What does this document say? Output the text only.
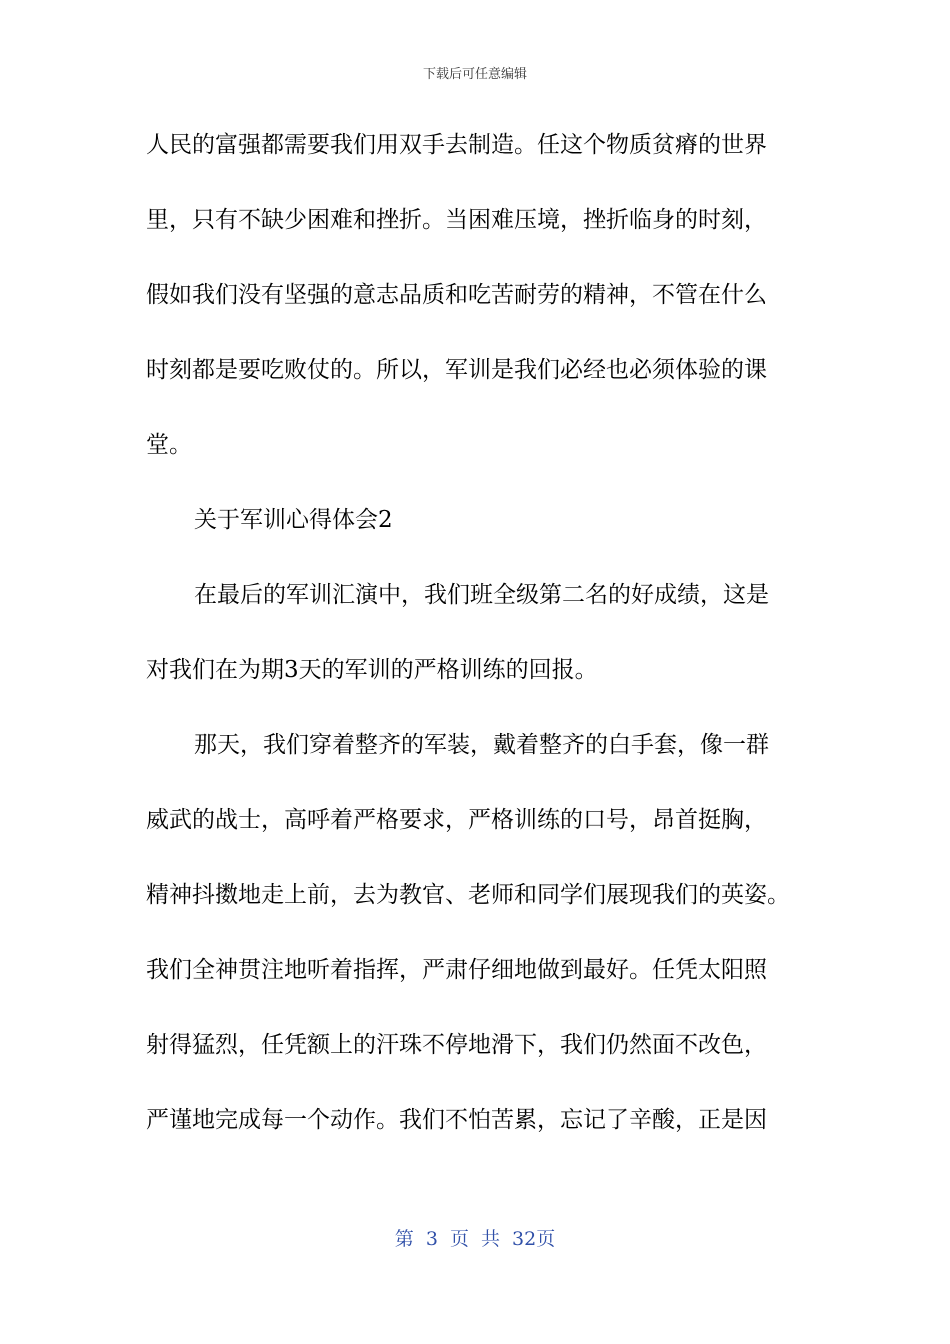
下载后可任意编辑
人民的富强都需要我们用双手去制造。任这个物质贫瘠的世界
里，只有不缺少困难和挫折。当困难压境，挫折临身的时刻，
假如我们没有坚强的意志品质和吃苦耐劳的精神，不管在什么
时刻都是要吃败仗的。所以，军训是我们必经也必须体验的课
堂。
关于军训心得体会2
在最后的军训汇演中，我们班全级第二名的好成绩，这是
对我们在为期3天的军训的严格训练的回报。
那天，我们穿着整齐的军装，戴着整齐的白手套，像一群
威武的战士，高呼着严格要求，严格训练的口号，昂首挺胸，
精神抖擞地走上前，去为教官、老师和同学们展现我们的英姿。
我们全神贯注地听着指挥，严肃仔细地做到最好。任凭太阳照
射得猛烈，任凭额上的汗珠不停地滑下，我们仍然面不改色，
严谨地完成每一个动作。我们不怕苦累，忘记了辛酸，正是因
第 3 页 共 32页
